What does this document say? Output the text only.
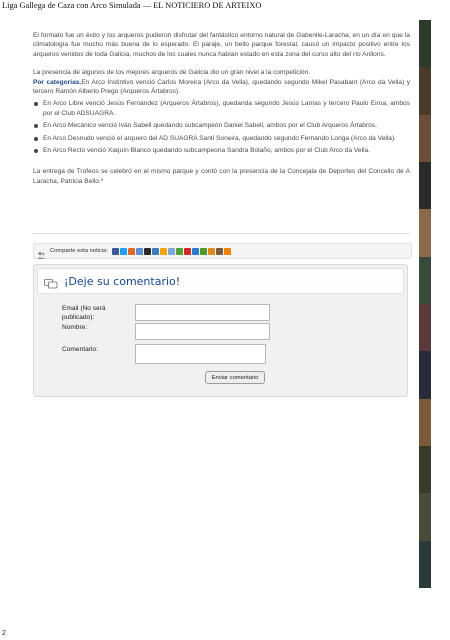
Liga Gallega de Caza con Arco Simulada — EL NOTICIERO DE ARTEIXO

El formato fue un éxito y los arqueros pudieron disfrutar del fantástico entorno natural de Gabenlle-Laracha, en un día en que la climatología fue mucho más buena de lo esperado. El paraje, un bello parque forestal, causó un impacto positivo entre los arqueros venidos de toda Galicia, muchos de los cuales nunca habían estado en esta zona del curso alto del río Anllons.

La presencia de algunos de los mejores arqueros de Galicia dio un gran nivel a la competición.
Por categorías.En Arco Instintivo venció Carlos Moreira (Arco da Vella), quedando segundo Mikel Pasabant (Arco da Vella) y tercero Ramón Alberto Prego (Arqueros Ártabros).

En Arco Libre venció Jesús Fernández (Arqueros Ártabros), quedanda segundo Jesús Lamas y tercero Paulo Eiroa, ambos por el Club ADSUAGRA.
En Arco Mecánico venció Iván Sabell quedando subcampeón Daniel Sabell, ambos por el Club Arqueros Ártabros.
En Arco Desnudo venció el arquero del AD SUAGRA Santi Soneira, quedando segundo Fernando Loriga (Arco da Vella).
En Arco Recto venció Xaquín Blanco quedando subcampeona Sandra Bolaño, ambos por el Club Arco da Vella.

La entrega de Trofeos se celebró en el mismo parque y contó con la presencia de la Concejala de Deportes del Concello de A Laracha, Patricia Bello.*

Comparte esta noticia:
¡Deje su comentario!
Email (No será publicado):
Nombre:
Comentario:
Enviar comentario
2
